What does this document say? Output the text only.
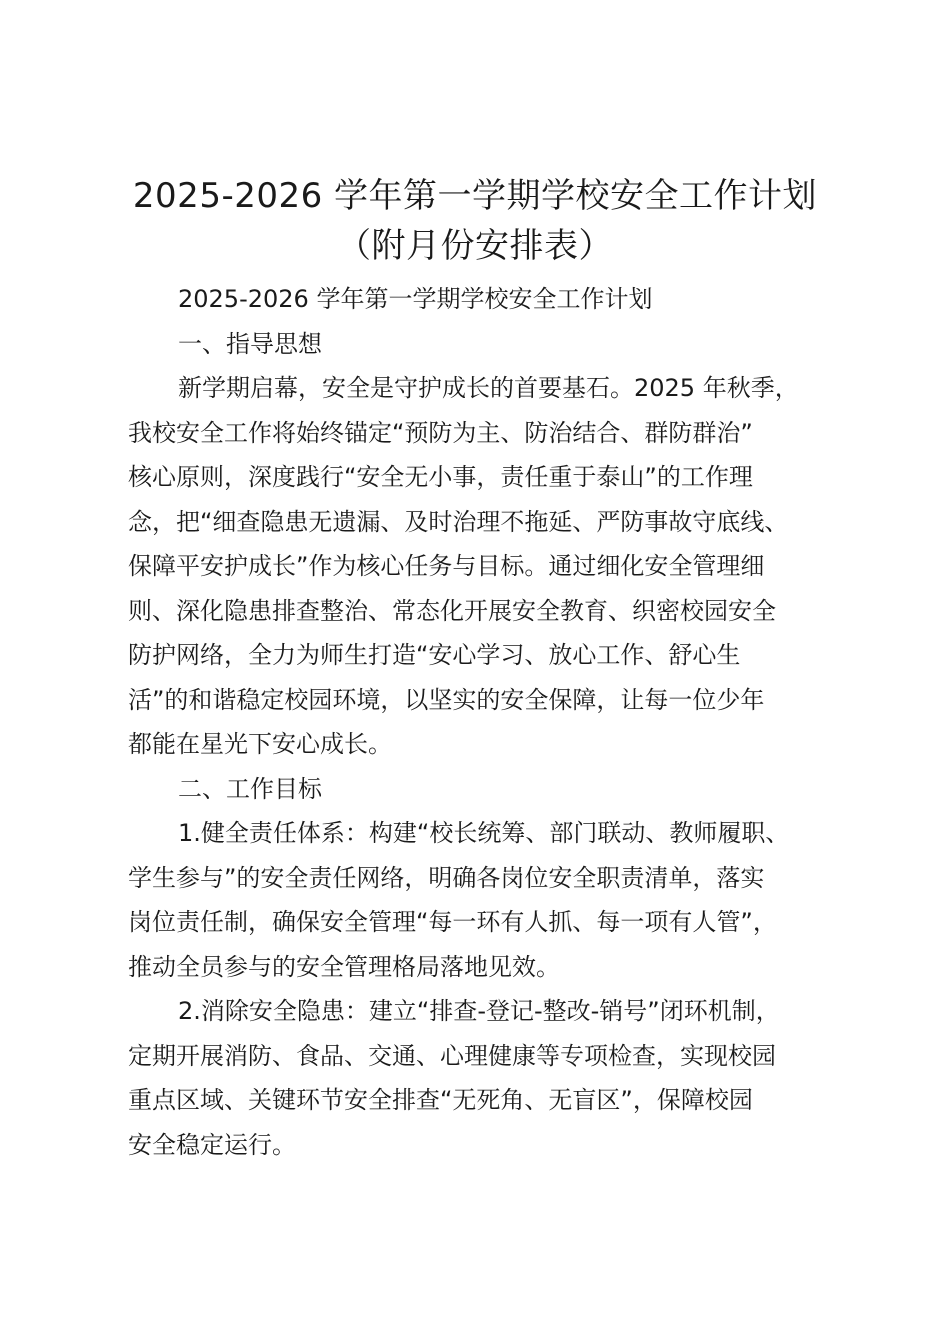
2025-2026 学年第一学期学校安全工作计划
（附月份安排表）
2025-2026 学年第一学期学校安全工作计划
一、指导思想
新学期启幕，安全是守护成长的首要基石。2025 年秋季，
我校安全工作将始终锚定“预防为主、防治结合、群防群治”
核心原则，深度践行“安全无小事，责任重于泰山”的工作理
念，把“细查隐患无遗漏、及时治理不拖延、严防事故守底线、
保障平安护成长”作为核心任务与目标。通过细化安全管理细
则、深化隐患排查整治、常态化开展安全教育、织密校园安全
防护网络，全力为师生打造“安心学习、放心工作、舒心生
活”的和谐稳定校园环境，以坚实的安全保障，让每一位少年
都能在星光下安心成长。
二、工作目标
1.健全责任体系：构建“校长统筹、部门联动、教师履职、
学生参与”的安全责任网络，明确各岗位安全职责清单，落实
岗位责任制，确保安全管理“每一环有人抓、每一项有人管”，
推动全员参与的安全管理格局落地见效。
2.消除安全隐患：建立“排查-登记-整改-销号”闭环机制，
定期开展消防、食品、交通、心理健康等专项检查，实现校园
重点区域、关键环节安全排查“无死角、无盲区”，保障校园
安全稳定运行。
